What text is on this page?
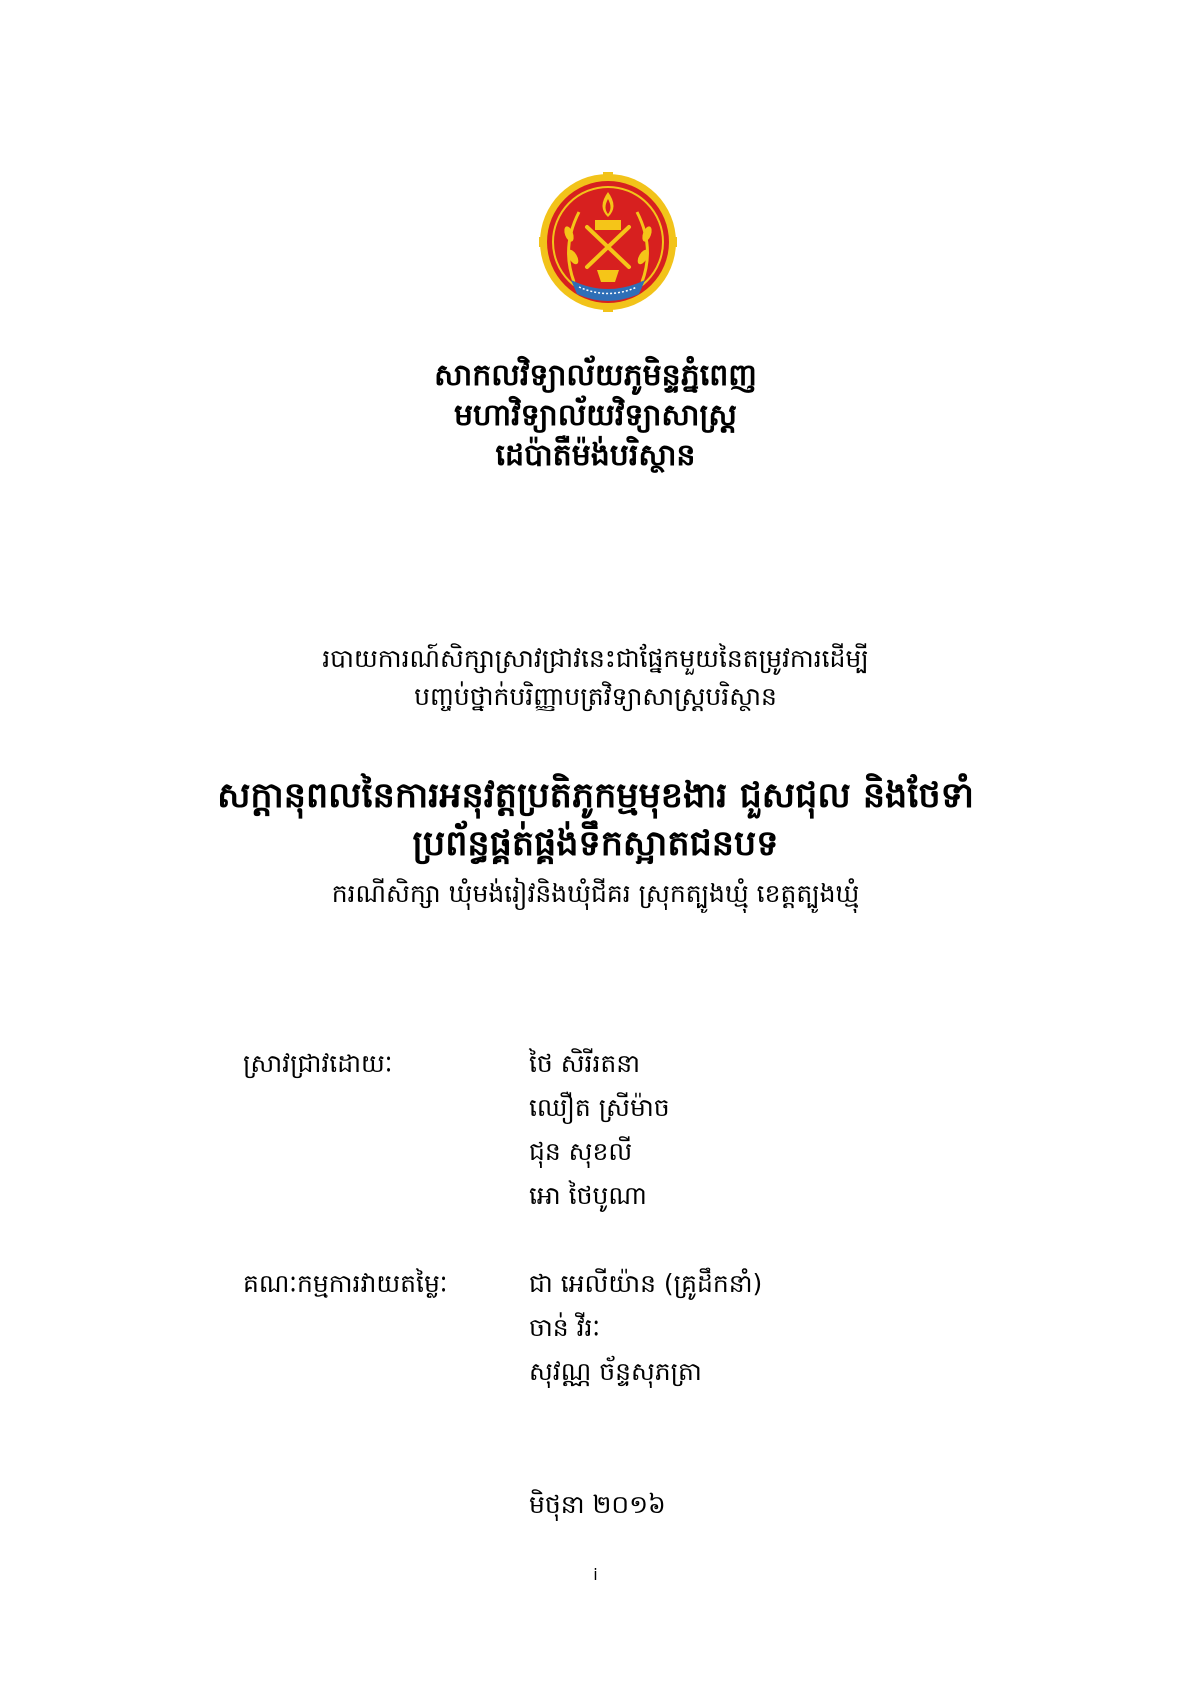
សាកលវិទ្យាល័យភូមិន្ទភ្នំពេញ
មហាវិទ្យាល័យវិទ្យាសាស្ត្រ
ដេប៉ាតឺម៉ង់បរិស្ថាន
របាយការណ៍សិក្សាស្រាវជ្រាវនេះជាផ្នែកមួយនៃតម្រូវការដើម្បី
បញ្ចប់ថ្នាក់បរិញ្ញាបត្រវិទ្យាសាស្ត្របរិស្ថាន
សក្តានុពលនៃការអនុវត្តប្រតិភូកម្មមុខងារ ជួសជុល និងថែទាំ
ប្រព័ន្ធផ្គត់ផ្គង់ទឹកស្អាតជនបទ
ករណីសិក្សា ឃុំមង់រៀវនិងឃុំជីគរ ស្រុកត្បូងឃ្មុំ ខេត្តត្បូងឃ្មុំ
ស្រាវជ្រាវដោយៈ	ថៃ សិរីរតនា
ឈឿត ស្រីម៉ាច
ជុន សុខលី
អោ ថៃបូណា
គណៈកម្មការវាយតម្លៃៈ	ជា អេលីយ៉ាន (គ្រូដឹកនាំ)
ចាន់ វីរៈ
សុវណ្ណ ច័ន្ទសុភត្រា
មិថុនា ២០១៦
i
